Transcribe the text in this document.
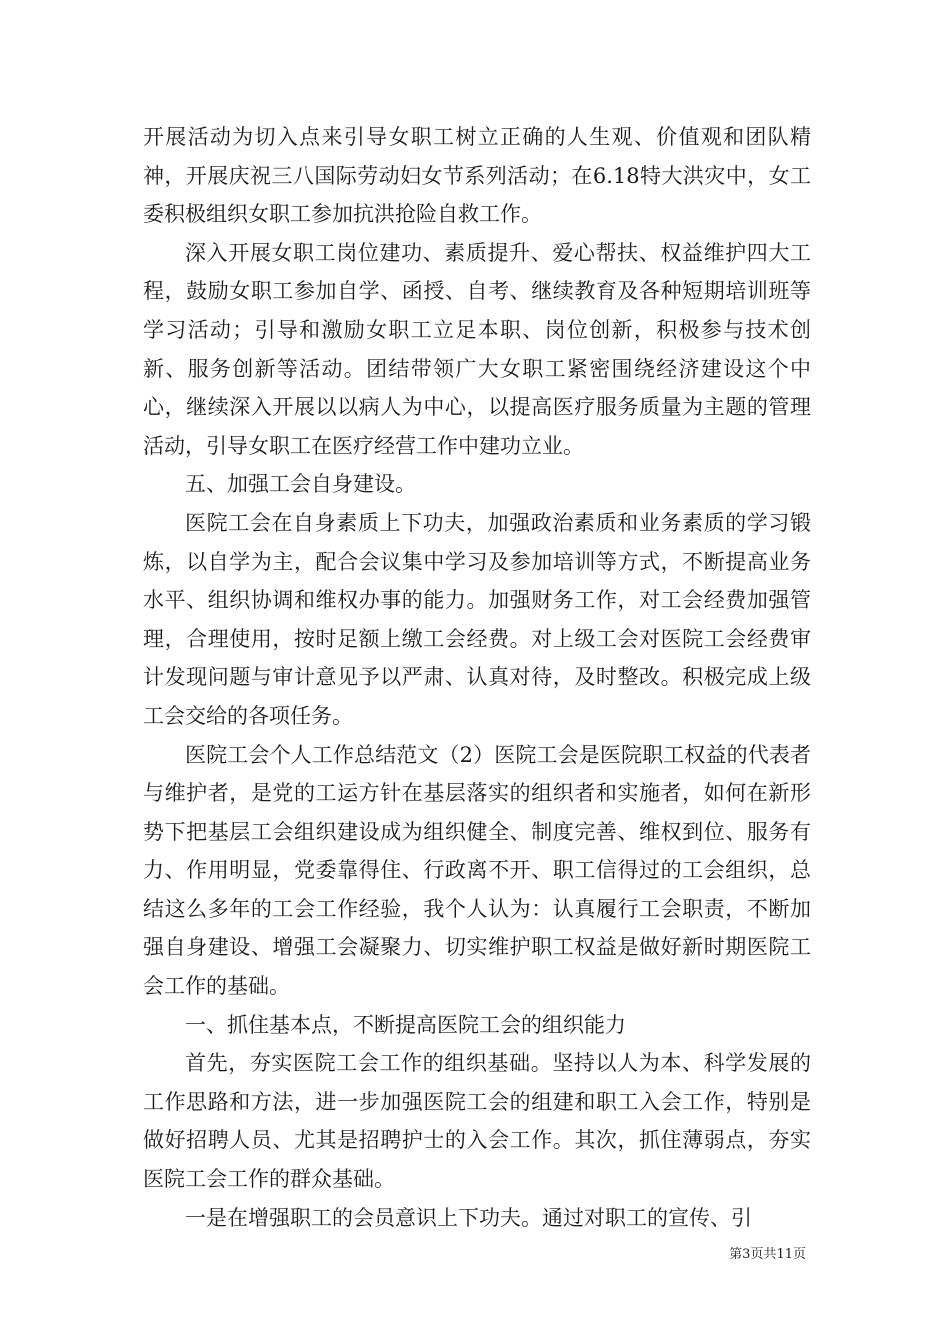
开展活动为切入点来引导女职工树立正确的人生观、价值观和团队精神，开展庆祝三八国际劳动妇女节系列活动；在6.18特大洪灾中，女工委积极组织女职工参加抗洪抢险自救工作。

深入开展女职工岗位建功、素质提升、爱心帮扶、权益维护四大工程，鼓励女职工参加自学、函授、自考、继续教育及各种短期培训班等学习活动；引导和激励女职工立足本职、岗位创新，积极参与技术创新、服务创新等活动。团结带领广大女职工紧密围绕经济建设这个中心，继续深入开展以以病人为中心，以提高医疗服务质量为主题的管理活动，引导女职工在医疗经营工作中建功立业。

五、加强工会自身建设。

医院工会在自身素质上下功夫，加强政治素质和业务素质的学习锻炼，以自学为主，配合会议集中学习及参加培训等方式，不断提高业务水平、组织协调和维权办事的能力。加强财务工作，对工会经费加强管理，合理使用，按时足额上缴工会经费。对上级工会对医院工会经费审计发现问题与审计意见予以严肃、认真对待，及时整改。积极完成上级工会交给的各项任务。

医院工会个人工作总结范文（2）医院工会是医院职工权益的代表者与维护者，是党的工运方针在基层落实的组织者和实施者，如何在新形势下把基层工会组织建设成为组织健全、制度完善、维权到位、服务有力、作用明显，党委靠得住、行政离不开、职工信得过的工会组织，总结这么多年的工会工作经验，我个人认为：认真履行工会职责，不断加强自身建设、增强工会凝聚力、切实维护职工权益是做好新时期医院工会工作的基础。

一、抓住基本点，不断提高医院工会的组织能力

首先，夯实医院工会工作的组织基础。坚持以人为本、科学发展的工作思路和方法，进一步加强医院工会的组建和职工入会工作，特别是做好招聘人员、尤其是招聘护士的入会工作。其次，抓住薄弱点，夯实医院工会工作的群众基础。

一是在增强职工的会员意识上下功夫。通过对职工的宣传、引

第3页共11页
